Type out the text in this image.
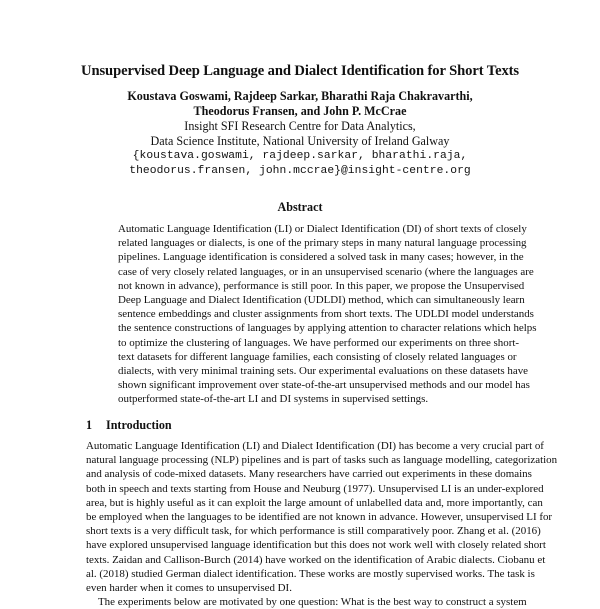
Unsupervised Deep Language and Dialect Identification for Short Texts
Koustava Goswami, Rajdeep Sarkar, Bharathi Raja Chakravarthi,
Theodorus Fransen, and John P. McCrae
Insight SFI Research Centre for Data Analytics,
Data Science Institute, National University of Ireland Galway
{koustava.goswami, rajdeep.sarkar, bharathi.raja,
theodorus.fransen, john.mccrae}@insight-centre.org
Abstract
Automatic Language Identification (LI) or Dialect Identification (DI) of short texts of closely
related languages or dialects, is one of the primary steps in many natural language processing
pipelines. Language identification is considered a solved task in many cases; however, in the
case of very closely related languages, or in an unsupervised scenario (where the languages are
not known in advance), performance is still poor. In this paper, we propose the Unsupervised
Deep Language and Dialect Identification (UDLDI) method, which can simultaneously learn
sentence embeddings and cluster assignments from short texts. The UDLDI model understands
the sentence constructions of languages by applying attention to character relations which helps
to optimize the clustering of languages. We have performed our experiments on three short-
text datasets for different language families, each consisting of closely related languages or
dialects, with very minimal training sets. Our experimental evaluations on these datasets have
shown significant improvement over state-of-the-art unsupervised methods and our model has
outperformed state-of-the-art LI and DI systems in supervised settings.
1 Introduction
Automatic Language Identification (LI) and Dialect Identification (DI) has become a very crucial part of
natural language processing (NLP) pipelines and is part of tasks such as language modelling, categorization
and analysis of code-mixed datasets. Many researchers have carried out experiments in these domains
both in speech and texts starting from House and Neuburg (1977). Unsupervised LI is an under-explored
area, but is highly useful as it can exploit the large amount of unlabelled data and, more importantly, can
be employed when the languages to be identified are not known in advance. However, unsupervised LI for
short texts is a very difficult task, for which performance is still comparatively poor. Zhang et al. (2016)
have explored unsupervised language identification but this does not work well with closely related short
texts. Zaidan and Callison-Burch (2014) have worked on the identification of Arabic dialects. Ciobanu et
al. (2018) studied German dialect identification. These works are mostly supervised works. The task is
even harder when it comes to unsupervised DI.
The experiments below are motivated by one question: What is the best way to construct a system
